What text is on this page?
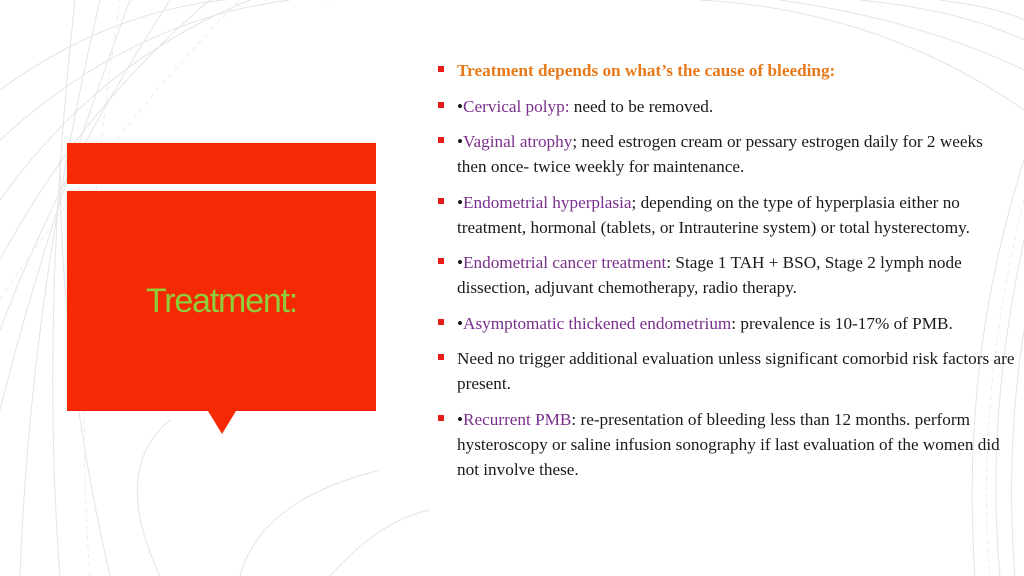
Treatment:
Treatment depends on what’s the cause of bleeding:
•Cervical polyp: need to be removed.
•Vaginal atrophy; need estrogen cream or pessary estrogen daily for 2 weeks then once- twice weekly for maintenance.
•Endometrial hyperplasia; depending on the type of hyperplasia either no treatment, hormonal (tablets, or Intrauterine system) or total hysterectomy.
•Endometrial cancer treatment: Stage 1 TAH + BSO, Stage 2 lymph node dissection, adjuvant chemotherapy, radio therapy.
•Asymptomatic thickened endometrium: prevalence is 10-17% of PMB.
Need no trigger additional evaluation unless significant comorbid risk factors are present.
•Recurrent PMB: re-presentation of bleeding less than 12 months. perform hysteroscopy or saline infusion sonography if last evaluation of the women did not involve these.
